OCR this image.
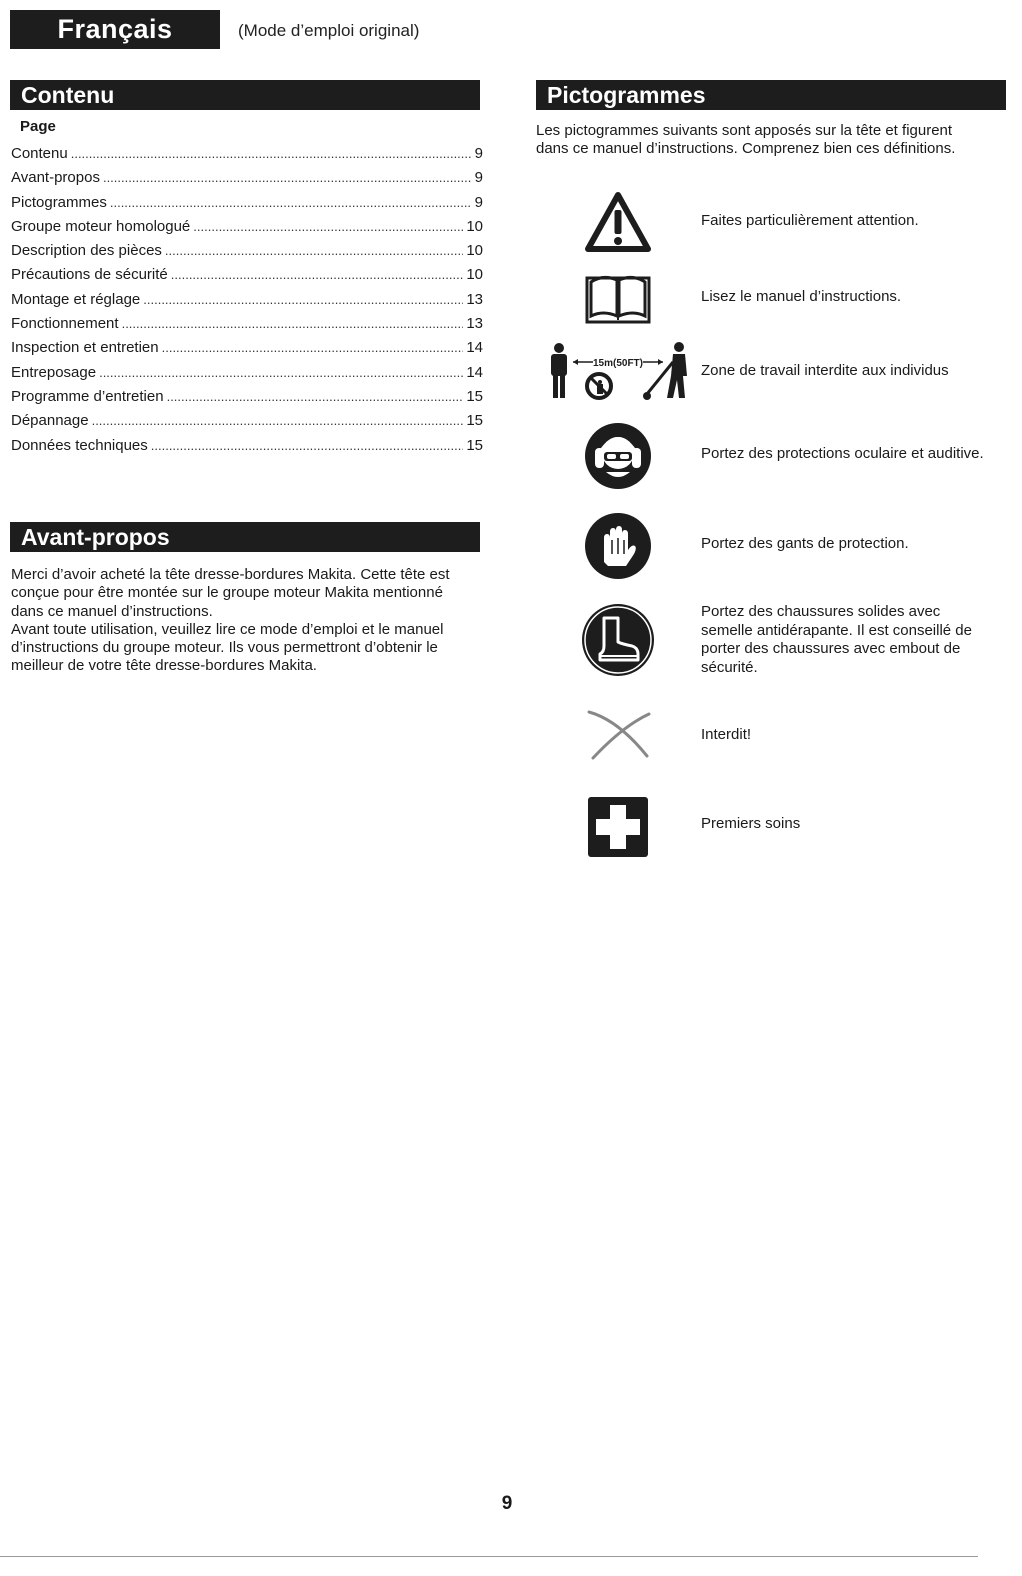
Français	(Mode d’emploi original)
Contenu
Page
Contenu .....	9
Avant-propos .....	9
Pictogrammes .....	9
Groupe moteur homologué .....	10
Description des pièces .....	10
Précautions de sécurité .....	10
Montage et réglage .....	13
Fonctionnement .....	13
Inspection et entretien .....	14
Entreposage .....	14
Programme d’entretien .....	15
Dépannage .....	15
Données techniques .....	15
Avant-propos
Merci d’avoir acheté la tête dresse-bordures Makita. Cette tête est
conçue pour être montée sur le groupe moteur Makita mentionné
dans ce manuel d’instructions.
Avant toute utilisation, veuillez lire ce mode d’emploi et le manuel
d’instructions du groupe moteur. Ils vous permettront d’obtenir le
meilleur de votre tête dresse-bordures Makita.
Pictogrammes
Les pictogrammes suivants sont apposés sur la tête et figurent
dans ce manuel d’instructions. Comprenez bien ces définitions.
Faites particulièrement attention.
Lisez le manuel d’instructions.
15m(50FT)	Zone de travail interdite aux individus
Portez des protections oculaire et auditive.
Portez des gants de protection.
Portez des chaussures solides avec
semelle antidérapante. Il est conseillé de
porter des chaussures avec embout de
sécurité.
Interdit!
Premiers soins
9
